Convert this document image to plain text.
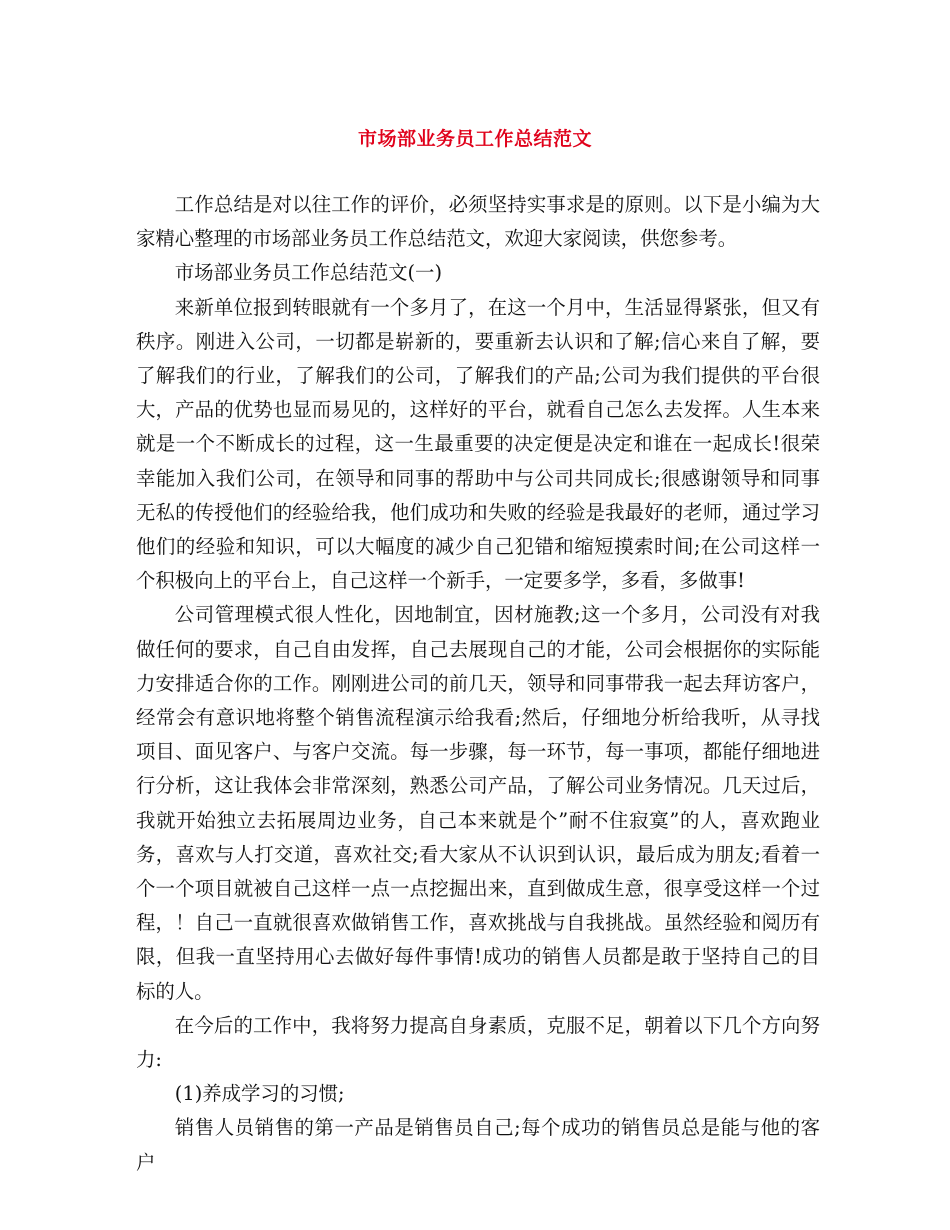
市场部业务员工作总结范文

工作总结是对以往工作的评价，必须坚持实事求是的原则。以下是小编为大家精心整理的市场部业务员工作总结范文，欢迎大家阅读，供您参考。

市场部业务员工作总结范文(一)

来新单位报到转眼就有一个多月了，在这一个月中，生活显得紧张，但又有秩序。刚进入公司，一切都是崭新的，要重新去认识和了解;信心来自了解，要了解我们的行业，了解我们的公司，了解我们的产品;公司为我们提供的平台很大，产品的优势也显而易见的，这样好的平台，就看自己怎么去发挥。人生本来就是一个不断成长的过程，这一生最重要的决定便是决定和谁在一起成长!很荣幸能加入我们公司，在领导和同事的帮助中与公司共同成长;很感谢领导和同事无私的传授他们的经验给我，他们成功和失败的经验是我最好的老师，通过学习他们的经验和知识，可以大幅度的减少自己犯错和缩短摸索时间;在公司这样一个积极向上的平台上，自己这样一个新手，一定要多学，多看，多做事!

公司管理模式很人性化，因地制宜，因材施教;这一个多月，公司没有对我做任何的要求，自己自由发挥，自己去展现自己的才能，公司会根据你的实际能力安排适合你的工作。刚刚进公司的前几天，领导和同事带我一起去拜访客户，经常会有意识地将整个销售流程演示给我看;然后，仔细地分析给我听，从寻找项目、面见客户、与客户交流。每一步骤，每一环节，每一事项，都能仔细地进行分析，这让我体会非常深刻，熟悉公司产品，了解公司业务情况。几天过后，我就开始独立去拓展周边业务，自己本来就是个”耐不住寂寞”的人，喜欢跑业务，喜欢与人打交道，喜欢社交;看大家从不认识到认识，最后成为朋友;看着一个一个项目就被自己这样一点一点挖掘出来，直到做成生意，很享受这样一个过程，！自己一直就很喜欢做销售工作，喜欢挑战与自我挑战。虽然经验和阅历有限，但我一直坚持用心去做好每件事情!成功的销售人员都是敢于坚持自己的目标的人。

在今后的工作中，我将努力提高自身素质，克服不足，朝着以下几个方向努力:

(1)养成学习的习惯;

销售人员销售的第一产品是销售员自己;每个成功的销售员总是能与他的客户
